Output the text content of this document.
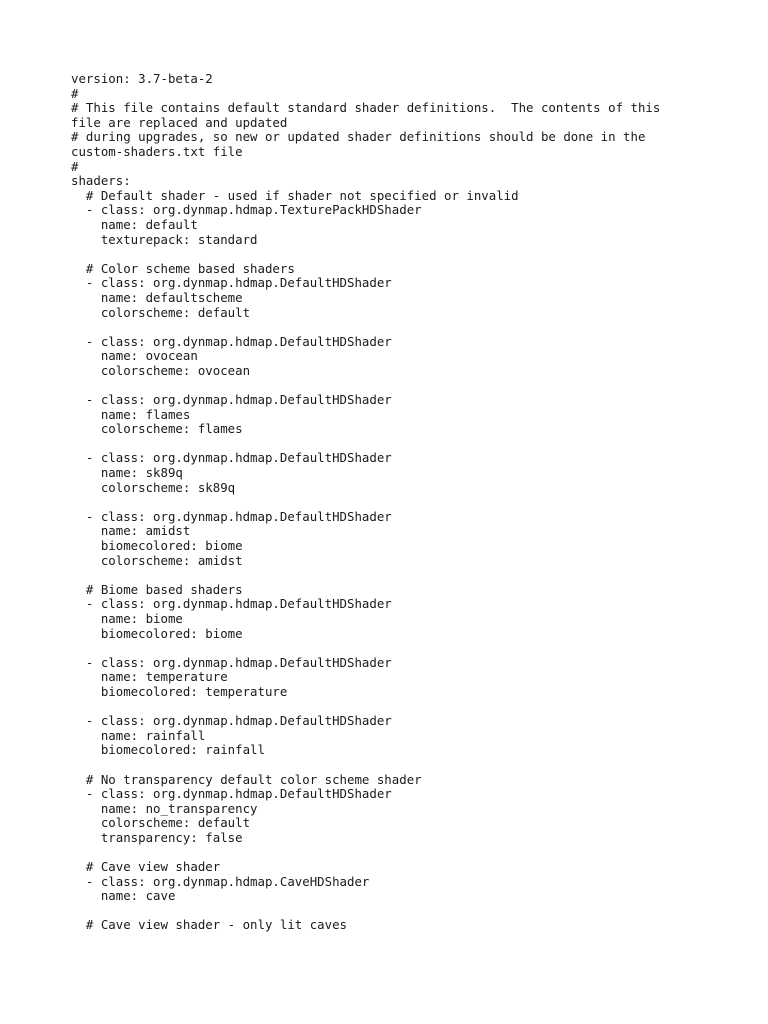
version: 3.7-beta-2
#
# This file contains default standard shader definitions.  The contents of this
file are replaced and updated
# during upgrades, so new or updated shader definitions should be done in the
custom-shaders.txt file
#
shaders:
# Default shader - used if shader not specified or invalid
- class: org.dynmap.hdmap.TexturePackHDShader
name: default
texturepack: standard
# Color scheme based shaders
- class: org.dynmap.hdmap.DefaultHDShader
name: defaultscheme
colorscheme: default
- class: org.dynmap.hdmap.DefaultHDShader
name: ovocean
colorscheme: ovocean
- class: org.dynmap.hdmap.DefaultHDShader
name: flames
colorscheme: flames
- class: org.dynmap.hdmap.DefaultHDShader
name: sk89q
colorscheme: sk89q
- class: org.dynmap.hdmap.DefaultHDShader
name: amidst
biomecolored: biome
colorscheme: amidst
# Biome based shaders
- class: org.dynmap.hdmap.DefaultHDShader
name: biome
biomecolored: biome
- class: org.dynmap.hdmap.DefaultHDShader
name: temperature
biomecolored: temperature
- class: org.dynmap.hdmap.DefaultHDShader
name: rainfall
biomecolored: rainfall
# No transparency default color scheme shader
- class: org.dynmap.hdmap.DefaultHDShader
name: no_transparency
colorscheme: default
transparency: false
# Cave view shader
- class: org.dynmap.hdmap.CaveHDShader
name: cave
# Cave view shader - only lit caves
